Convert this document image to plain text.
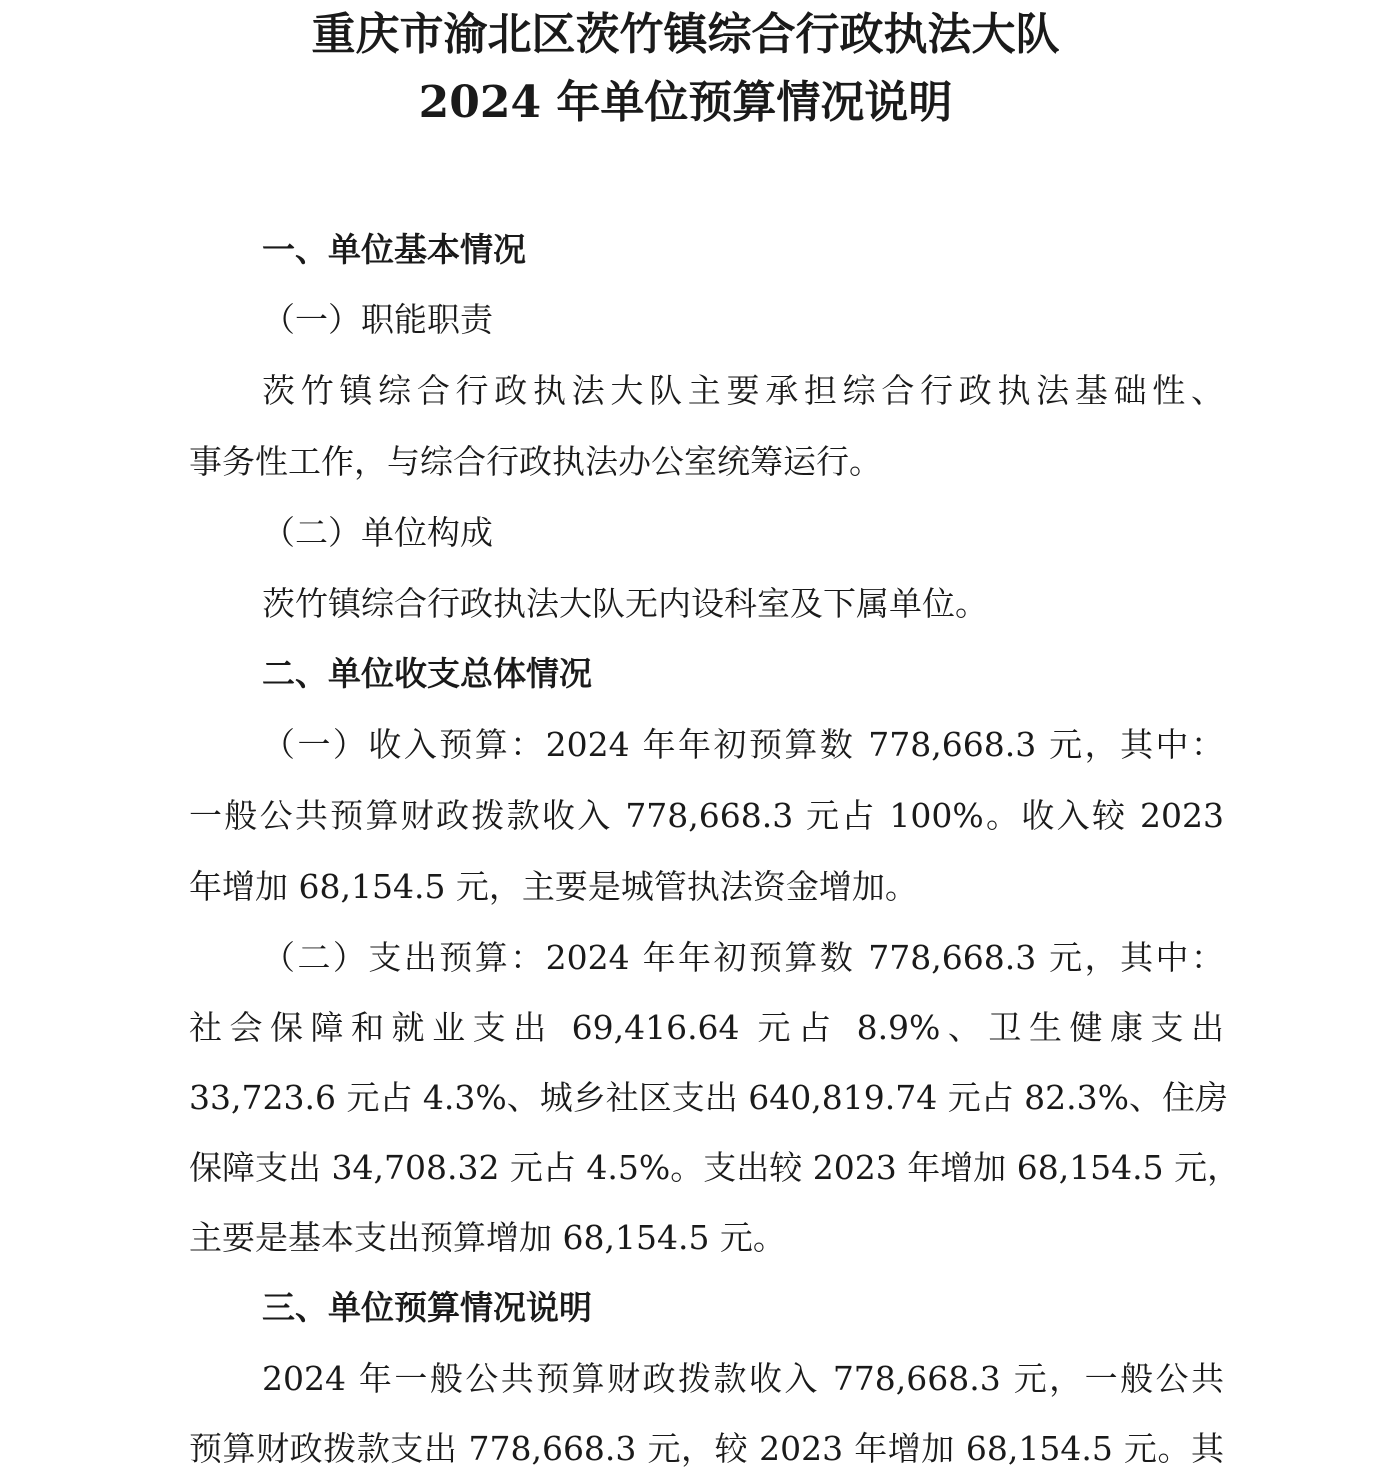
重庆市渝北区茨竹镇综合行政执法大队
2024 年单位预算情况说明
一、单位基本情况
（一）职能职责
茨竹镇综合行政执法大队主要承担综合行政执法基础性、
事务性工作，与综合行政执法办公室统筹运行。
（二）单位构成
茨竹镇综合行政执法大队无内设科室及下属单位。
二、单位收支总体情况
（一）收入预算：2024 年年初预算数 778,668.3 元，其中：
一般公共预算财政拨款收入 778,668.3 元占 100%。收入较 2023
年增加 68,154.5 元，主要是城管执法资金增加。
（二）支出预算：2024 年年初预算数 778,668.3 元，其中：
社会保障和就业支出 69,416.64 元占 8.9%、卫生健康支出
33,723.6 元占 4.3%、城乡社区支出 640,819.74 元占 82.3%、住房
保障支出 34,708.32 元占 4.5%。支出较 2023 年增加 68,154.5 元，
主要是基本支出预算增加 68,154.5 元。
三、单位预算情况说明
2024 年一般公共预算财政拨款收入 778,668.3 元，一般公共
预算财政拨款支出 778,668.3 元，较 2023 年增加 68,154.5 元。其
